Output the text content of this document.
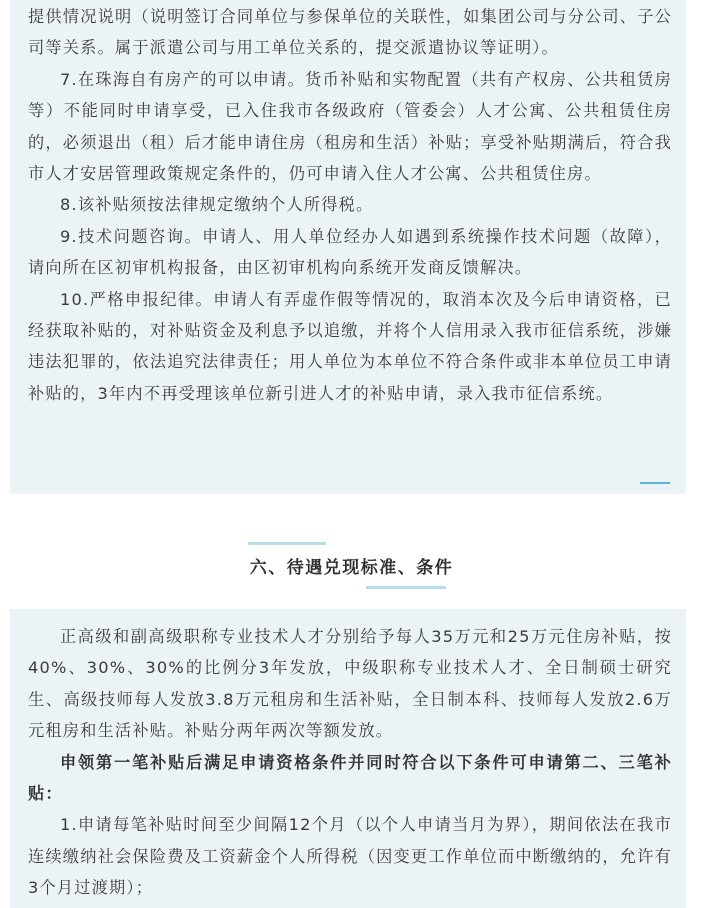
提供情况说明（说明签订合同单位与参保单位的关联性，如集团公司与分公司、子公司等关系。属于派遣公司与用工单位关系的，提交派遣协议等证明）。

7.在珠海自有房产的可以申请。货币补贴和实物配置（共有产权房、公共租赁房等）不能同时申请享受，已入住我市各级政府（管委会）人才公寓、公共租赁住房的，必须退出（租）后才能申请住房（租房和生活）补贴；享受补贴期满后，符合我市人才安居管理政策规定条件的，仍可申请入住人才公寓、公共租赁住房。

8.该补贴须按法律规定缴纳个人所得税。

9.技术问题咨询。申请人、用人单位经办人如遇到系统操作技术问题（故障），请向所在区初审机构报备，由区初审机构向系统开发商反馈解决。

10.严格申报纪律。申请人有弄虚作假等情况的，取消本次及今后申请资格，已经获取补贴的，对补贴资金及利息予以追缴，并将个人信用录入我市征信系统，涉嫌违法犯罪的，依法追究法律责任；用人单位为本单位不符合条件或非本单位员工申请补贴的，3年内不再受理该单位新引进人才的补贴申请，录入我市征信系统。

六、待遇兑现标准、条件

正高级和副高级职称专业技术人才分别给予每人35万元和25万元住房补贴，按40%、30%、30%的比例分3年发放，中级职称专业技术人才、全日制硕士研究生、高级技师每人发放3.8万元租房和生活补贴，全日制本科、技师每人发放2.6万元租房和生活补贴。补贴分两年两次等额发放。

申领第一笔补贴后满足申请资格条件并同时符合以下条件可申请第二、三笔补贴：

1.申请每笔补贴时间至少间隔12个月（以个人申请当月为界），期间依法在我市连续缴纳社会保险费及工资薪金个人所得税（因变更工作单位而中断缴纳的，允许有3个月过渡期）；
